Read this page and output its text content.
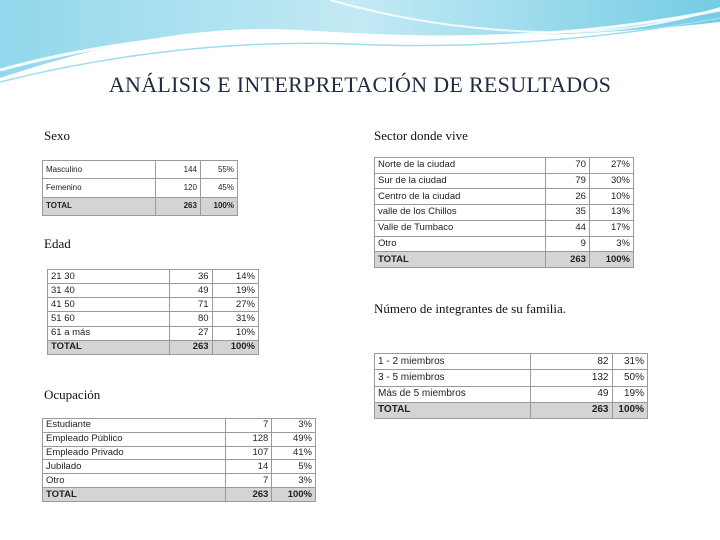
ANÁLISIS E INTERPRETACIÓN DE RESULTADOS
Sexo
Masculino	144	55%
Femenino	120	45%
TOTAL	263	100%
Edad
21 30	36	14%
31 40	49	19%
41 50	71	27%
51 60	80	31%
61 a más	27	10%
TOTAL	263	100%
Ocupación
Estudiante	7	3%
Empleado Público	128	49%
Empleado Privado	107	41%
Jubilado	14	5%
Otro	7	3%
TOTAL	263	100%
Sector donde vive
Norte de la ciudad	70	27%
Sur de la ciudad	79	30%
Centro de la ciudad	26	10%
valle de los Chillos	35	13%
Valle de Tumbaco	44	17%
Otro	9	3%
TOTAL	263	100%
Número de integrantes de su familia.
1 - 2 miembros	82	31%
3 - 5 miembros	132	50%
Más de 5 miembros	49	19%
TOTAL	263	100%
